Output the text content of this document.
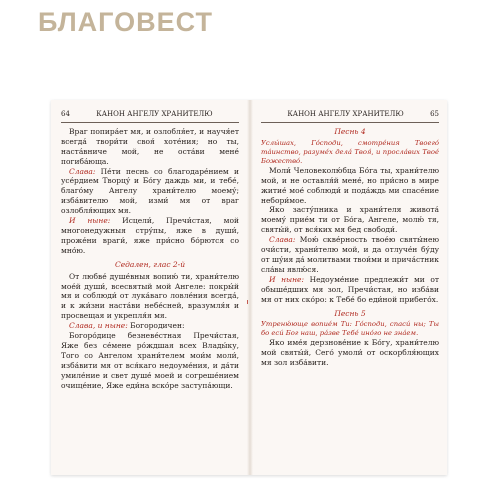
БЛАГОВЕСТ
64	КАНОН АНГЕЛУ ХРАНИТЕЛЮ

Враг попира́ет мя, и озлобля́ет, и научя́ет всегда́ твори́ти своя́ хоте́ния; но ты, наста́вниче мой, не оста́ви мене́ погиба́юща.

Слава: Пе́ти песнь со благодаре́нием и усе́рдием Творцу́ и Бо́гу даждь ми, и тебе́, благо́му Ангелу храни́телю моему́; изба́вителю мой, изми́ мя от враг озлобля́ющих мя.

И ныне: Исцели́, Пречи́стая, мой многонедужныя стру́пы, яже в души́, проже́ни враги́, яже при́сно бо́рются со мно́ю.

Седален, глас 2-й

От любве́ душе́вныя вопию́ ти, храни́телю мое́й души́, всесвятый мой Ангеле: покры́й мя и соблюди́ от лука́ваго ловле́ния всегда́, и к жи́зни наста́ви небе́сней, вразумля́я и просвещая и укрепля́я мя.

Слава, и ныне: Богородичен:

Богоро́дице безневе́стная Пречи́стая, Яже без се́мене ро́ждшая всех Влады́ку, Того со Ангелом храни́телем мои́м моли́, изба́вити мя от вся́каго недоуме́ния, и да́ти умиле́ние и свет душе́ моей и согреше́нием очище́ние, Яже еди́на вско́ре заступа́ющи.

КАНОН АНГЕЛУ ХРАНИТЕЛЮ	65
Песнь 4
Услы́шах, Го́споди, смотре́ния Твоего́ та́инство, разуме́х дела́ Твоя́, и просла́вих Твое́ Божество́.

Моли́ Человеколю́бца Бо́га ты, храни́телю мой, и не оставля́й мене́, но при́сно в мире житие́ мое́ соблюди́ и пода́ждь ми спасе́ние небори́мое.

Яко засту́пника и храни́теля живота́ моему́ прие́м ти от Бо́га, Ангеле, молю́ тя, святы́й, от вся́ких мя бед свободи́.

Слава: Мою́ скве́рность твое́ю святы́нею очи́сти, храни́телю мой, и да отлуче́н бу́ду от шу́ия да́ молитвами твои́ми и прича́стник сла́вы явлю́ся.

И ныне: Недоуме́ние предлежи́т ми от обыше́дших мя зол, Пречи́стая, но изба́ви мя от них ско́ро: к Тебе́ бо еди́ной прибего́х.

Песнь 5
Утреню́юще вопие́м Ти: Го́споди, спаси́ ны; Ты бо еси́ Бог наш, ра́зве Тебе́ ино́го не зна́ем.

Яко име́я дерзнове́ние к Бо́гу, храни́телю мой святы́й, Сего́ умоли́ от оскорбля́ющих мя зол изба́вити.
